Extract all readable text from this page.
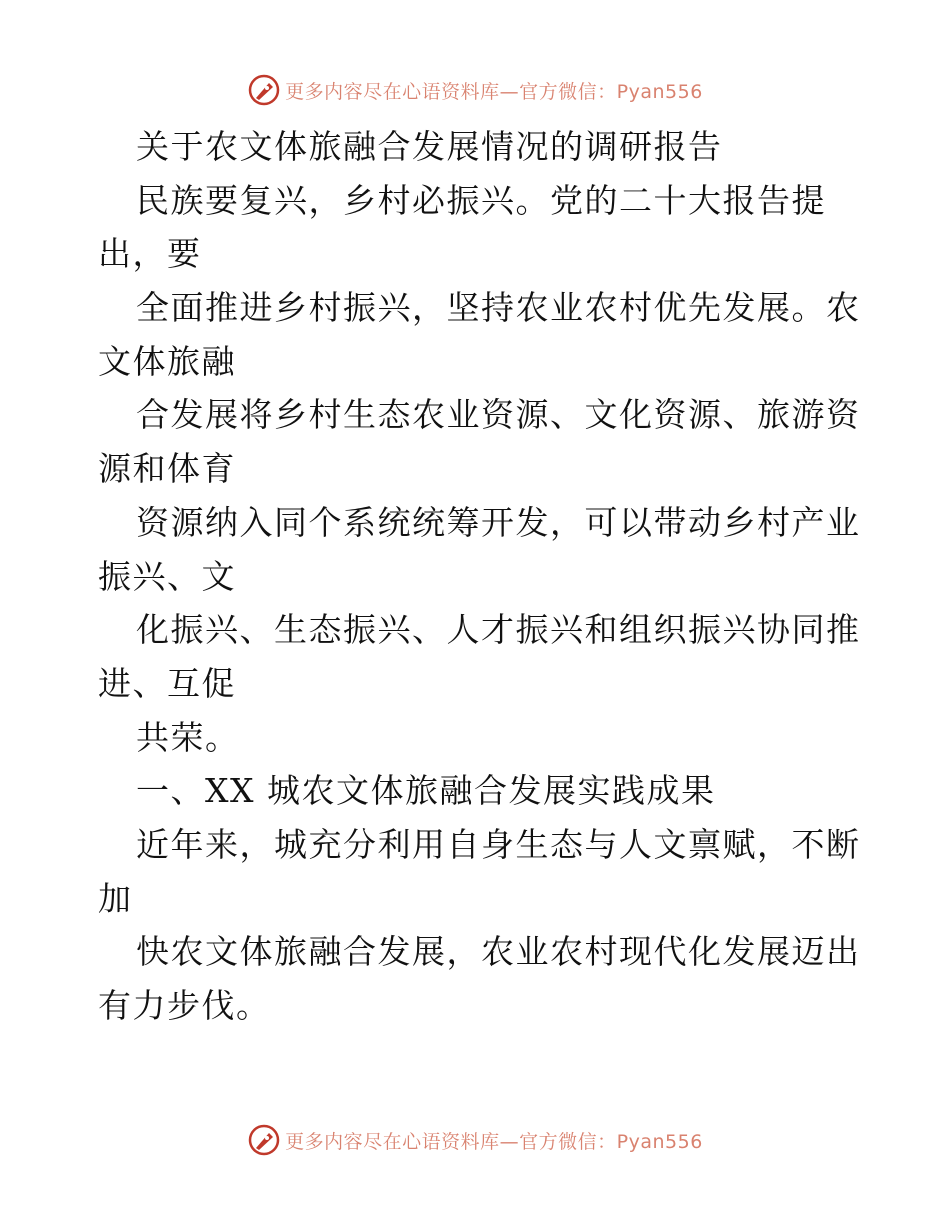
更多内容尽在心语资料库—官方微信：Pyan556
关于农文体旅融合发展情况的调研报告
民族要复兴，乡村必振兴。党的二十大报告提
出，要
全面推进乡村振兴，坚持农业农村优先发展。农
文体旅融
合发展将乡村生态农业资源、文化资源、旅游资
源和体育
资源纳入同个系统统筹开发，可以带动乡村产业
振兴、文
化振兴、生态振兴、人才振兴和组织振兴协同推
进、互促
共荣。
一、XX 城农文体旅融合发展实践成果
近年来，城充分利用自身生态与人文禀赋，不断
加
快农文体旅融合发展，农业农村现代化发展迈出
有力步伐。
更多内容尽在心语资料库—官方微信：Pyan556
